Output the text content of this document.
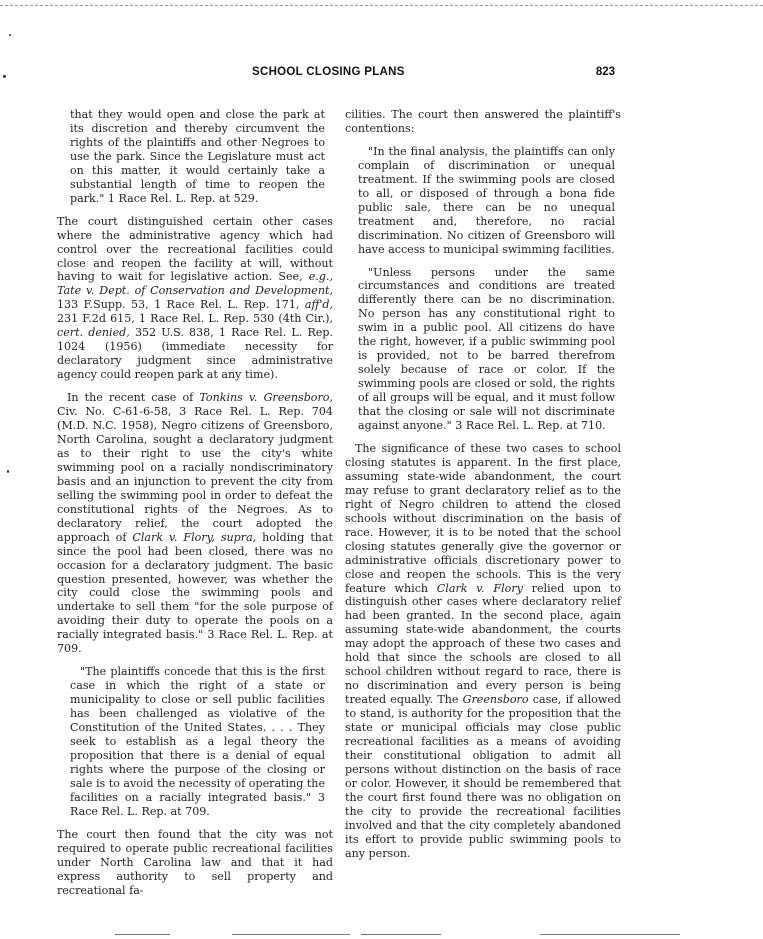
SCHOOL CLOSING PLANS	823

that they would open and close the park at its discretion and thereby circumvent the rights of the plaintiffs and other Negroes to use the park. Since the Legislature must act on this matter, it would certainly take a substantial length of time to reopen the park." 1 Race Rel. L. Rep. at 529.

The court distinguished certain other cases where the administrative agency which had control over the recreational facilities could close and reopen the facility at will, without having to wait for legislative action. See, e.g., Tate v. Dept. of Conservation and Development, 133 F.Supp. 53, 1 Race Rel. L. Rep. 171, aff'd, 231 F.2d 615, 1 Race Rel. L. Rep. 530 (4th Cir.), cert. denied, 352 U.S. 838, 1 Race Rel. L. Rep. 1024 (1956) (immediate necessity for declaratory judgment since administrative agency could reopen park at any time).

In the recent case of Tonkins v. Greensboro, Civ. No. C-61-6-58, 3 Race Rel. L. Rep. 704 (M.D. N.C. 1958), Negro citizens of Greensboro, North Carolina, sought a declaratory judgment as to their right to use the city's white swimming pool on a racially nondiscriminatory basis and an injunction to prevent the city from selling the swimming pool in order to defeat the constitutional rights of the Negroes. As to declaratory relief, the court adopted the approach of Clark v. Flory, supra, holding that since the pool had been closed, there was no occasion for a declaratory judgment. The basic question presented, however, was whether the city could close the swimming pools and undertake to sell them "for the sole purpose of avoiding their duty to operate the pools on a racially integrated basis." 3 Race Rel. L. Rep. at 709.

"The plaintiffs concede that this is the first case in which the right of a state or municipality to close or sell public facilities has been challenged as violative of the Constitution of the United States. . . . They seek to establish as a legal theory the proposition that there is a denial of equal rights where the purpose of the closing or sale is to avoid the necessity of operating the facilities on a racially integrated basis." 3 Race Rel. L. Rep. at 709.

The court then found that the city was not required to operate public recreational facilities under North Carolina law and that it had express authority to sell property and recreational fa-

cilities. The court then answered the plaintiff's contentions:

"In the final analysis, the plaintiffs can only complain of discrimination or unequal treatment. If the swimming pools are closed to all, or disposed of through a bona fide public sale, there can be no unequal treatment and, therefore, no racial discrimination. No citizen of Greensboro will have access to municipal swimming facilities.

"Unless persons under the same circumstances and conditions are treated differently there can be no discrimination. No person has any constitutional right to swim in a public pool. All citizens do have the right, however, if a public swimming pool is provided, not to be barred therefrom solely because of race or color. If the swimming pools are closed or sold, the rights of all groups will be equal, and it must follow that the closing or sale will not discriminate against anyone." 3 Race Rel. L. Rep. at 710.

The significance of these two cases to school closing statutes is apparent. In the first place, assuming state-wide abandonment, the court may refuse to grant declaratory relief as to the right of Negro children to attend the closed schools without discrimination on the basis of race. However, it is to be noted that the school closing statutes generally give the governor or administrative officials discretionary power to close and reopen the schools. This is the very feature which Clark v. Flory relied upon to distinguish other cases where declaratory relief had been granted. In the second place, again assuming state-wide abandonment, the courts may adopt the approach of these two cases and hold that since the schools are closed to all school children without regard to race, there is no discrimination and every person is being treated equally. The Greensboro case, if allowed to stand, is authority for the proposition that the state or municipal officials may close public recreational facilities as a means of avoiding their constitutional obligation to admit all persons without distinction on the basis of race or color. However, it should be remembered that the court first found there was no obligation on the city to provide the recreational facilities involved and that the city completely abandoned its effort to provide public swimming pools to any person.
